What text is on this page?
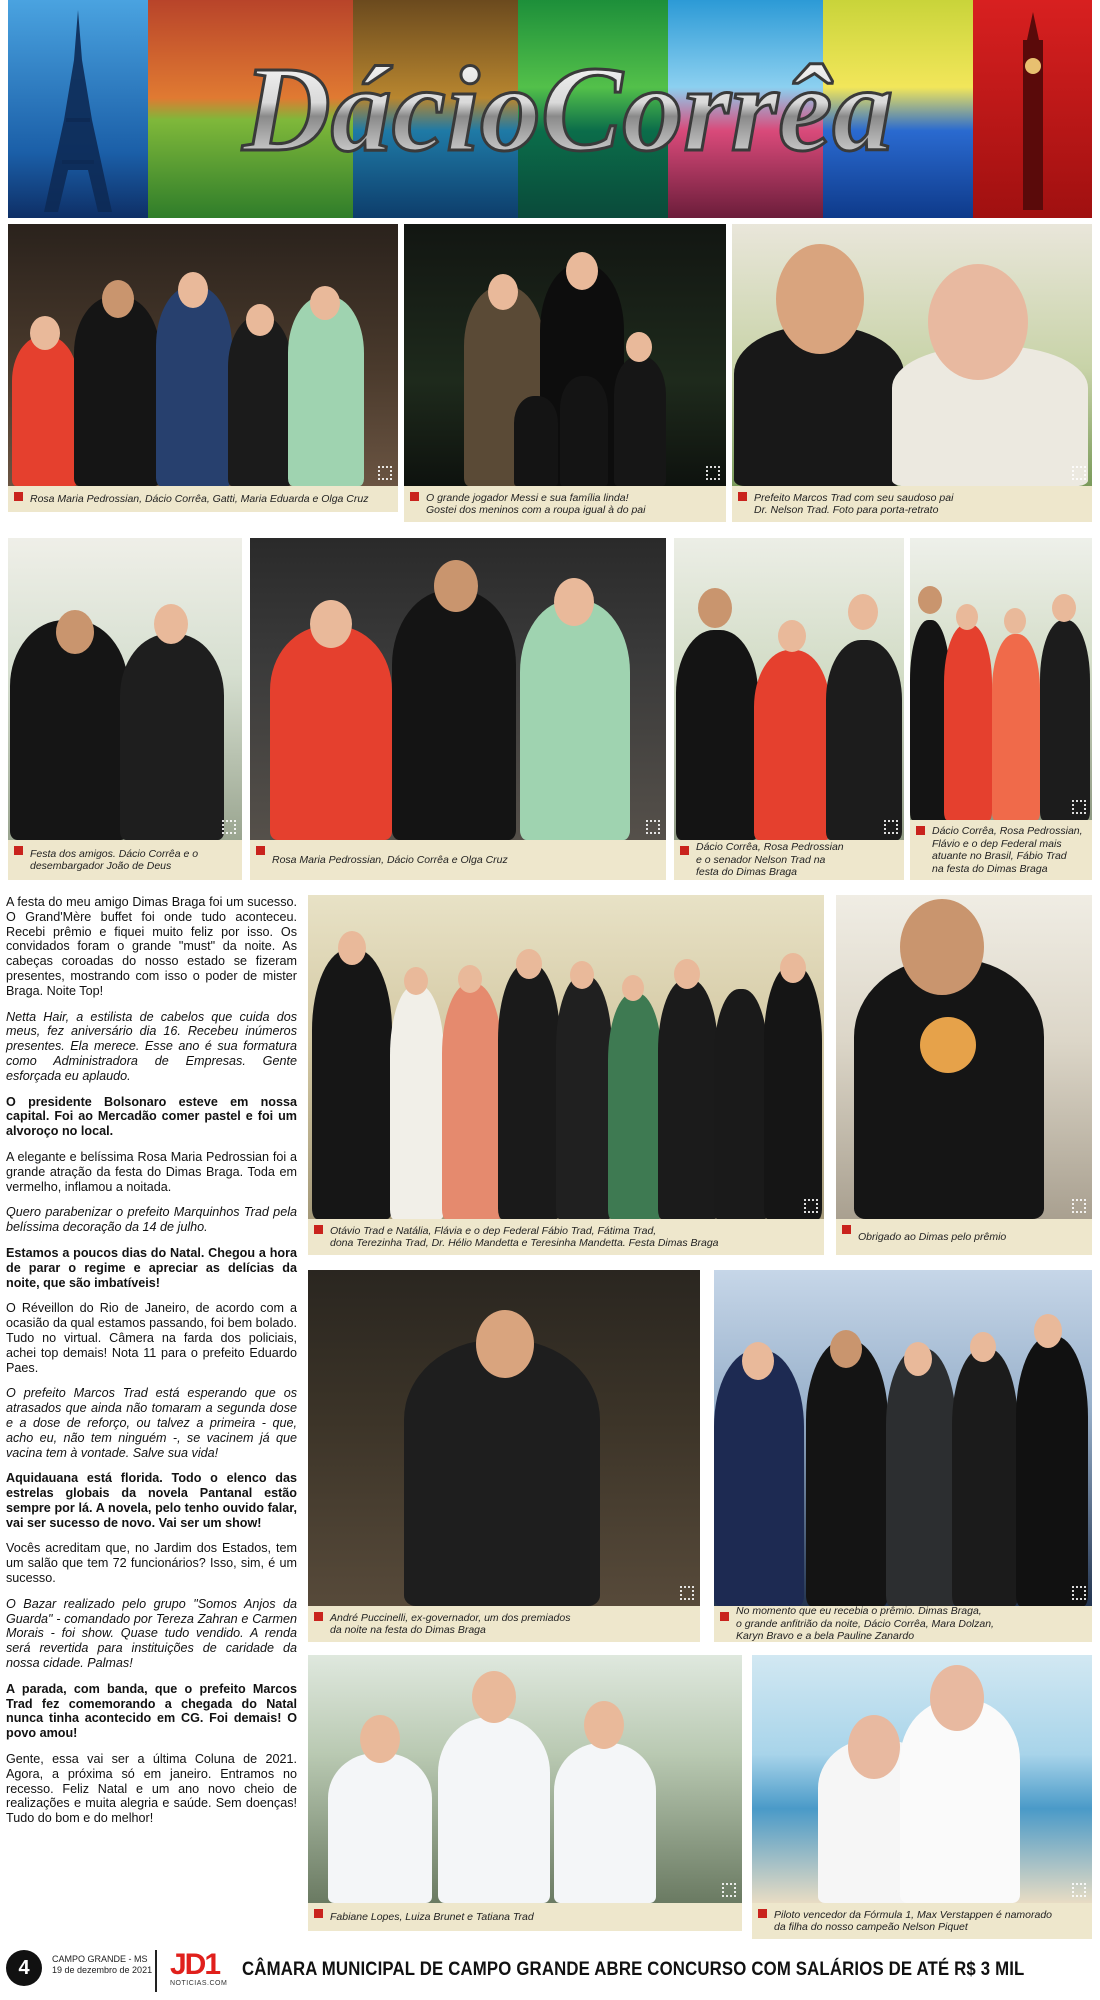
DácioCorrêa
Rosa Maria Pedrossian, Dácio Corrêa, Gatti, Maria Eduarda e Olga Cruz	O grande jogador Messi e sua família linda!
Gostei dos meninos com a roupa igual à do pai
Prefeito Marcos Trad com seu saudoso pai
Dr. Nelson Trad. Foto para porta-retrato
Festa dos amigos. Dácio Corrêa e o
desembargador João de Deus
Rosa Maria Pedrossian, Dácio Corrêa e Olga Cruz
Dácio Corrêa, Rosa Pedrossian
e o senador Nelson Trad na
festa do Dimas Braga
Dácio Corrêa, Rosa Pedrossian,
Flávio e o dep Federal mais
atuante no Brasil, Fábio Trad
na festa do Dimas Braga

A festa do meu amigo Dimas Braga foi um sucesso. O Grand'Mère buffet foi onde tudo aconteceu. Recebi prêmio e fiquei muito feliz por isso. Os convidados foram o grande "must" da noite. As cabeças coroadas do nosso estado se fizeram presentes, mostrando com isso o poder de mister Braga. Noite Top!

Netta Hair, a estilista de cabelos que cuida dos meus, fez aniversário dia 16. Recebeu inúmeros presentes. Ela merece. Esse ano é sua formatura como Administradora de Empresas. Gente esforçada eu aplaudo.

O presidente Bolsonaro esteve em nossa capital. Foi ao Mercadão comer pastel e foi um alvoroço no local.

A elegante e belíssima Rosa Maria Pedrossian foi a grande atração da festa do Dimas Braga. Toda em vermelho, inflamou a noitada.

Quero parabenizar o prefeito Marquinhos Trad pela belíssima decoração da 14 de julho.

Estamos a poucos dias do Natal. Chegou a hora de parar o regime e apreciar as delícias da noite, que são imbatíveis!

O Réveillon do Rio de Janeiro, de acordo com a ocasião da qual estamos passando, foi bem bolado. Tudo no virtual. Câmera na farda dos policiais, achei top demais! Nota 11 para o prefeito Eduardo Paes.

O prefeito Marcos Trad está esperando que os atrasados que ainda não tomaram a segunda dose e a dose de reforço, ou talvez a primeira - que, acho eu, não tem ninguém -, se vacinem já que vacina tem à vontade. Salve sua vida!

Aquidauana está florida. Todo o elenco das estrelas globais da novela Pantanal estão sempre por lá. A novela, pelo tenho ouvido falar, vai ser sucesso de novo. Vai ser um show!

Vocês acreditam que, no Jardim dos Estados, tem um salão que tem 72 funcionários? Isso, sim, é um sucesso.

O Bazar realizado pelo grupo "Somos Anjos da Guarda" - comandado por Tereza Zahran e Carmen Morais - foi show. Quase tudo vendido. A renda será revertida para instituições de caridade da nossa cidade. Palmas!

A parada, com banda, que o prefeito Marcos Trad fez comemorando a chegada do Natal nunca tinha acontecido em CG. Foi demais! O povo amou!

Gente, essa vai ser a última Coluna de 2021. Agora, a próxima só em janeiro. Entramos no recesso. Feliz Natal e um ano novo cheio de realizações e muita alegria e saúde. Sem doenças! Tudo do bom e do melhor!

Otávio Trad e Natália, Flávia e o dep Federal Fábio Trad, Fátima Trad,
dona Terezinha Trad, Dr. Hélio Mandetta e Teresinha Mandetta. Festa Dimas Braga
Obrigado ao Dimas pelo prêmio
André Puccinelli, ex-governador, um dos premiados
da noite na festa do Dimas Braga
No momento que eu recebia o prêmio. Dimas Braga,
o grande anfitrião da noite, Dácio Corrêa, Mara Dolzan,
Karyn Bravo e a bela Pauline Zanardo
Fabiane Lopes, Luiza Brunet e Tatiana Trad	Piloto vencedor da Fórmula 1, Max Verstappen é namorado
da filha do nosso campeão Nelson Piquet
4	CAMPO GRANDE - MS
19 de dezembro de 2021 JD1
NOTICIAS.COM
CÂMARA MUNICIPAL DE CAMPO GRANDE ABRE CONCURSO COM SALÁRIOS DE ATÉ R$ 3 MIL
